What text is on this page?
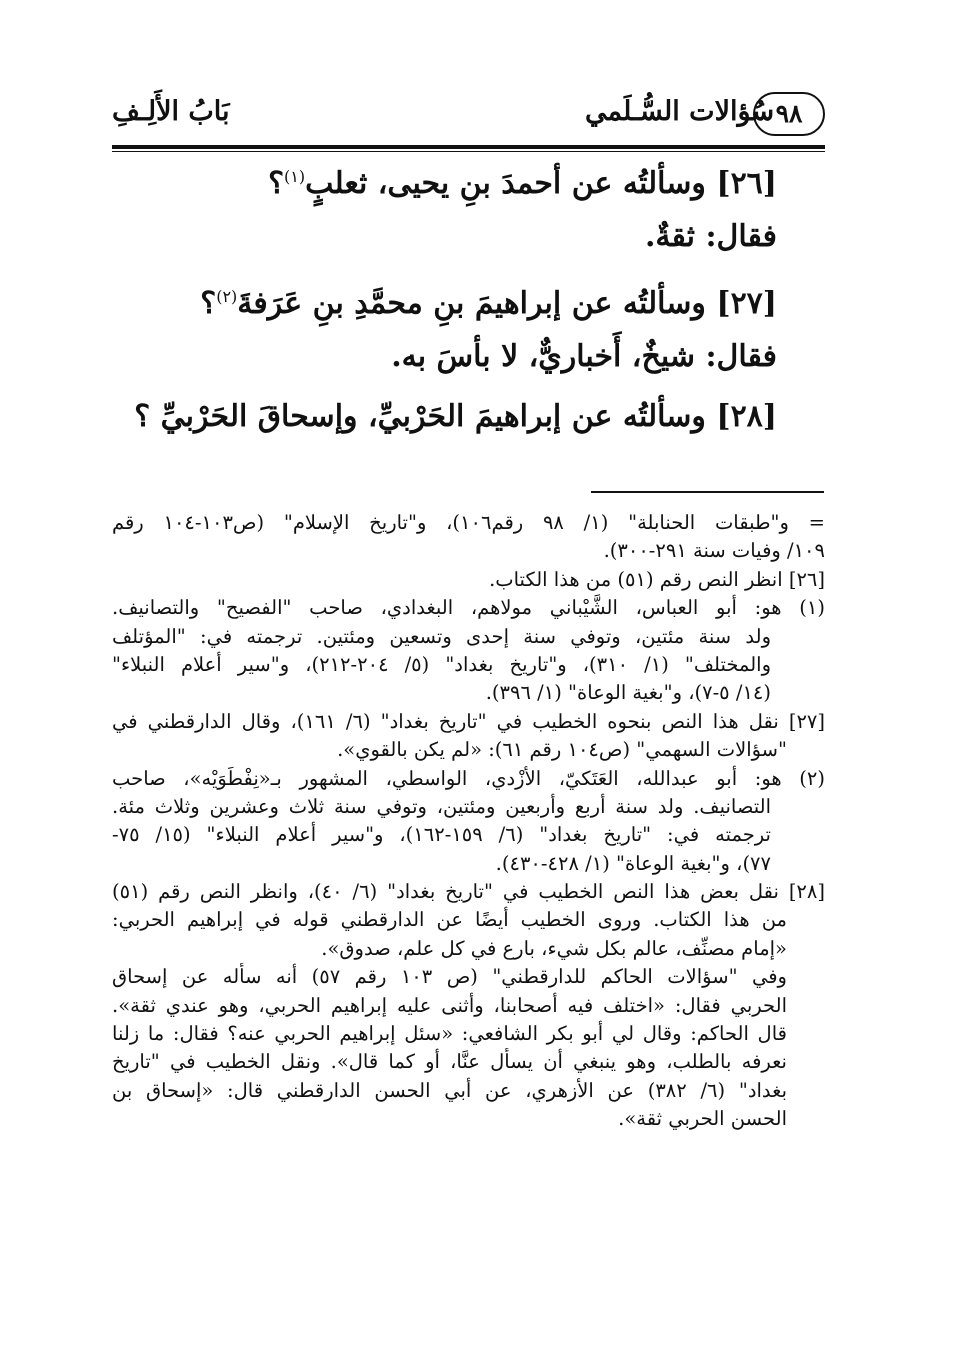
بَابُ الأَلِـفِ	سُؤالات السُّـلَمي ٩٨
[٢٦] وسألتُه عن أحمدَ بنِ يحيى، ثعلبٍ$^{(١)}$؟
فقال: ثقةٌ.
[٢٧] وسألتُه عن إبراهيمَ بنِ محمَّدِ بنِ عَرَفةَ$^{(٢)}$؟
فقال: شيخٌ، أَخباريٌّ، لا بأسَ به.
[٢٨] وسألتُه عن إبراهيمَ الحَرْبيِّ، وإسحاقَ الحَرْبيِّ ؟
= و"طبقات الحنابلة" (١/ ٩٨ رقم١٠٦)، و"تاريخ الإسلام" (ص١٠٣-١٠٤ رقم
١٠٩/ وفيات سنة ٢٩١-٣٠٠).
[٢٦] انظر النص رقم (٥١) من هذا الكتاب.
(١) هو: أبو العباس، الشَّيْباني مولاهم، البغدادي، صاحب "الفصيح" والتصانيف.
ولد سنة مئتين، وتوفي سنة إحدى وتسعين ومئتين. ترجمته في: "المؤتلف
والمختلف" (١/ ٣١٠)، و"تاريخ بغداد" (٥/ ٢٠٤-٢١٢)، و"سير أعلام النبلاء"
(١٤/ ٥-٧)، و"بغية الوعاة" (١/ ٣٩٦).
[٢٧] نقل هذا النص بنحوه الخطيب في "تاريخ بغداد" (٦/ ١٦١)، وقال الدارقطني في
"سؤالات السهمي" (ص١٠٤ رقم ٦١): «لم يكن بالقوي».
(٢) هو: أبو عبدالله، العَتَكيّ، الأزْدي، الواسطي، المشهور بـ«نِفْطَوَيْه»، صاحب
التصانيف. ولد سنة أربع وأربعين ومئتين، وتوفي سنة ثلاث وعشرين وثلاث مئة.
ترجمته في: "تاريخ بغداد" (٦/ ١٥٩-١٦٢)، و"سير أعلام النبلاء" (١٥/ ٧٥-
٧٧)، و"بغية الوعاة" (١/ ٤٢٨-٤٣٠).
[٢٨] نقل بعض هذا النص الخطيب في "تاريخ بغداد" (٦/ ٤٠)، وانظر النص رقم (٥١)
من هذا الكتاب. وروى الخطيب أيضًا عن الدارقطني قوله في إبراهيم الحربي:
«إمام مصنِّف، عالم بكل شيء، بارع في كل علم، صدوق».
وفي "سؤالات الحاكم للدارقطني" (ص ١٠٣ رقم ٥٧) أنه سأله عن إسحاق
الحربي فقال: «اختلف فيه أصحابنا، وأثنى عليه إبراهيم الحربي، وهو عندي ثقة».
قال الحاكم: وقال لي أبو بكر الشافعي: «سئل إبراهيم الحربي عنه؟ فقال: ما زلنا
نعرفه بالطلب، وهو ينبغي أن يسأل عنَّا، أو كما قال». ونقل الخطيب في "تاريخ
بغداد" (٦/ ٣٨٢) عن الأزهري، عن أبي الحسن الدارقطني قال: «إسحاق بن
الحسن الحربي ثقة».
